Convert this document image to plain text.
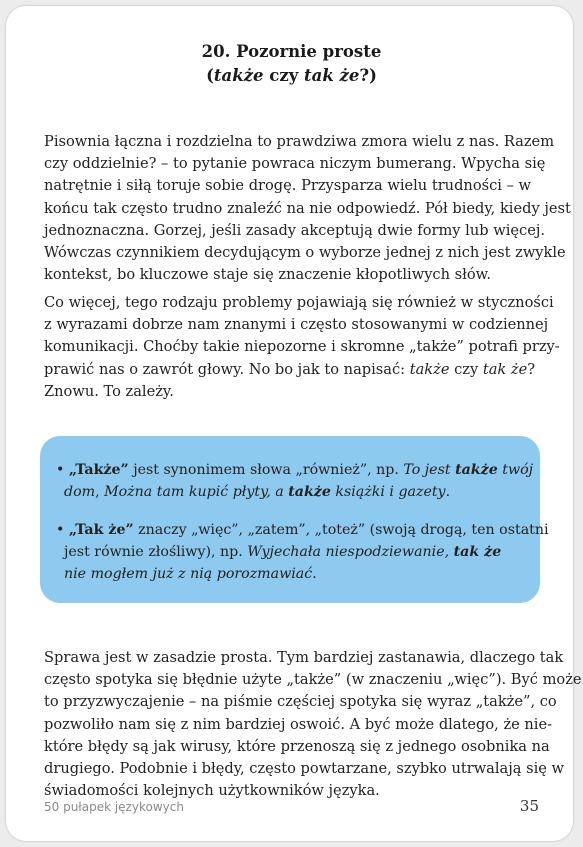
20. Pozornie proste
(także czy tak że?)
Pisownia łączna i rozdzielna to prawdziwa zmora wielu z nas. Razem
czy oddzielnie? – to pytanie powraca niczym bumerang. Wpycha się
natrętnie i siłą toruje sobie drogę. Przysparza wielu trudności – w
końcu tak często trudno znaleźć na nie odpowiedź. Pół biedy, kiedy jest
jednoznaczna. Gorzej, jeśli zasady akceptują dwie formy lub więcej.
Wówczas czynnikiem decydującym o wyborze jednej z nich jest zwykle
kontekst, bo kluczowe staje się znaczenie kłopotliwych słów.
Co więcej, tego rodzaju problemy pojawiają się również w styczności
z wyrazami dobrze nam znanymi i często stosowanymi w codziennej
komunikacji. Choćby takie niepozorne i skromne „także” potrafi przy-
prawić nas o zawrót głowy. No bo jak to napisać: także czy tak że?
Znowu. To zależy.
• „Także” jest synonimem słowa „również”, np. To jest także twój
dom, Można tam kupić płyty, a także książki i gazety.
• „Tak że” znaczy „więc”, „zatem”, „toteż” (swoją drogą, ten ostatni
jest równie złośliwy), np. Wyjechała niespodziewanie, tak że
nie mogłem już z nią porozmawiać.
Sprawa jest w zasadzie prosta. Tym bardziej zastanawia, dlaczego tak
często spotyka się błędnie użyte „także” (w znaczeniu „więc”). Być może
to przyzwyczajenie – na piśmie częściej spotyka się wyraz „także”, co
pozwoliło nam się z nim bardziej oswoić. A być może dlatego, że nie-
które błędy są jak wirusy, które przenoszą się z jednego osobnika na
drugiego. Podobnie i błędy, często powtarzane, szybko utrwalają się w
świadomości kolejnych użytkowników języka.
50 pułapek językowych	35
